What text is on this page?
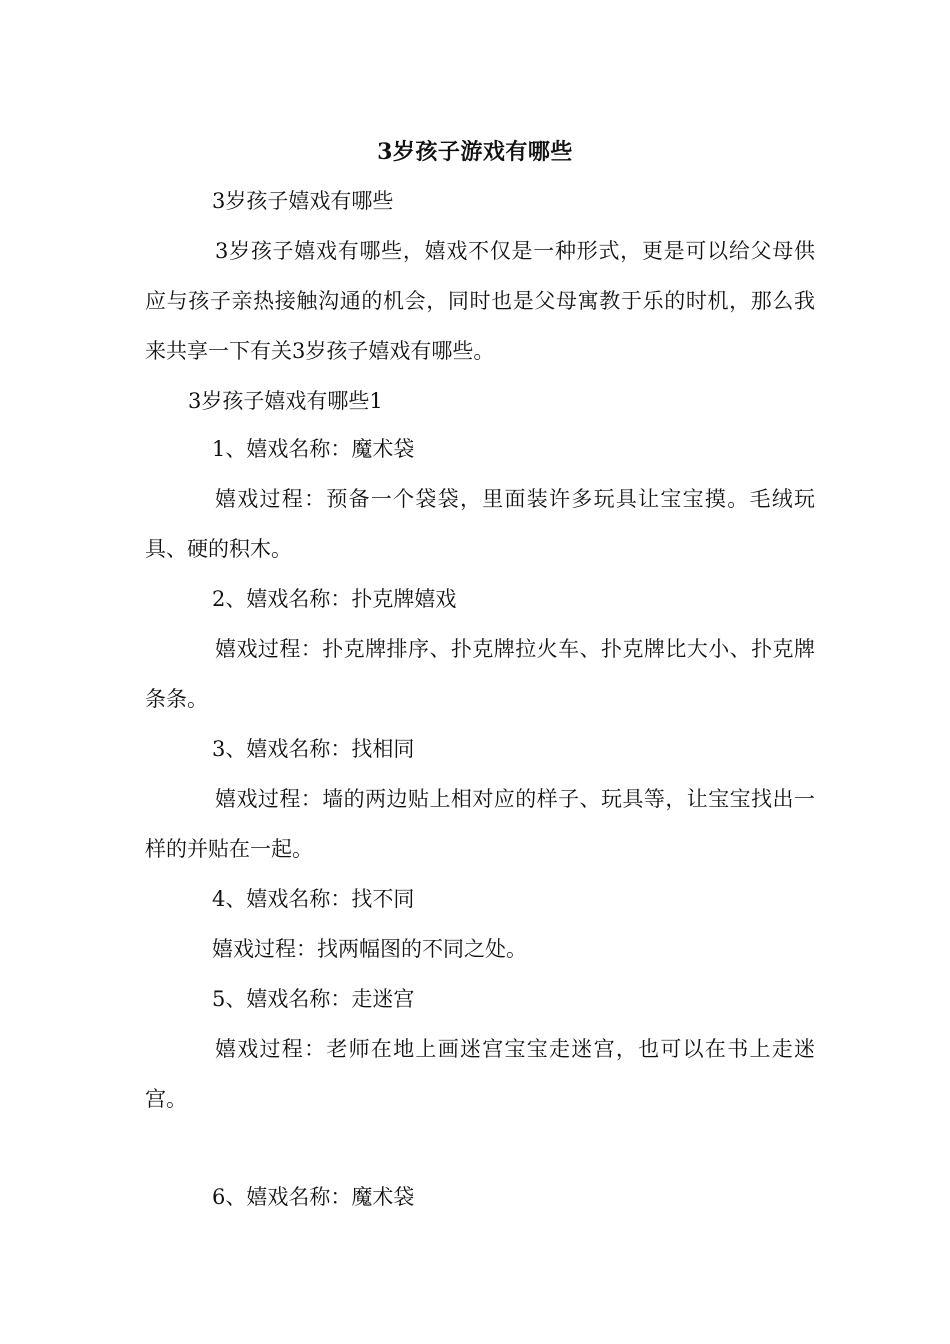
3岁孩子游戏有哪些
3岁孩子嬉戏有哪些

3岁孩子嬉戏有哪些，嬉戏不仅是一种形式，更是可以给父母供应与孩子亲热接触沟通的机会，同时也是父母寓教于乐的时机，那么我来共享一下有关3岁孩子嬉戏有哪些。

3岁孩子嬉戏有哪些1
1、嬉戏名称：魔术袋

嬉戏过程：预备一个袋袋，里面装许多玩具让宝宝摸。毛绒玩具、硬的积木。

2、嬉戏名称：扑克牌嬉戏

嬉戏过程：扑克牌排序、扑克牌拉火车、扑克牌比大小、扑克牌条条。

3、嬉戏名称：找相同

嬉戏过程：墙的两边贴上相对应的样子、玩具等，让宝宝找出一样的并贴在一起。

4、嬉戏名称：找不同
嬉戏过程：找两幅图的不同之处。
5、嬉戏名称：走迷宫

嬉戏过程：老师在地上画迷宫宝宝走迷宫，也可以在书上走迷宫。

6、嬉戏名称：魔术袋
